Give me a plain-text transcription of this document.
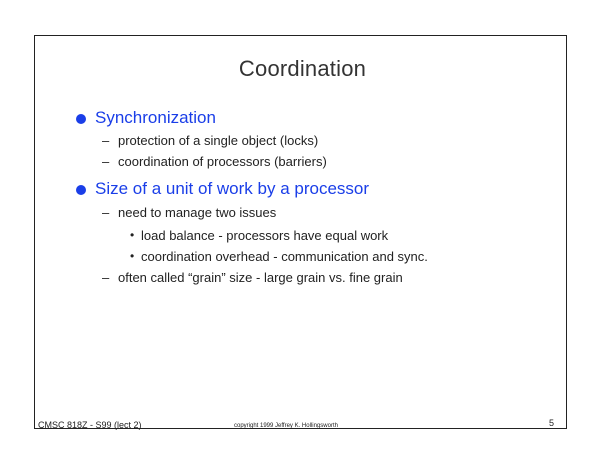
Coordination
Synchronization
– protection of a single object (locks)
– coordination of processors (barriers)
Size of a unit of work by a processor
– need to manage two issues
• load balance - processors have equal work
• coordination overhead - communication and sync.
– often called “grain” size - large grain vs. fine grain
CMSC 818Z - S99 (lect 2)	copyright 1999 Jeffrey K. Hollingsworth	5
